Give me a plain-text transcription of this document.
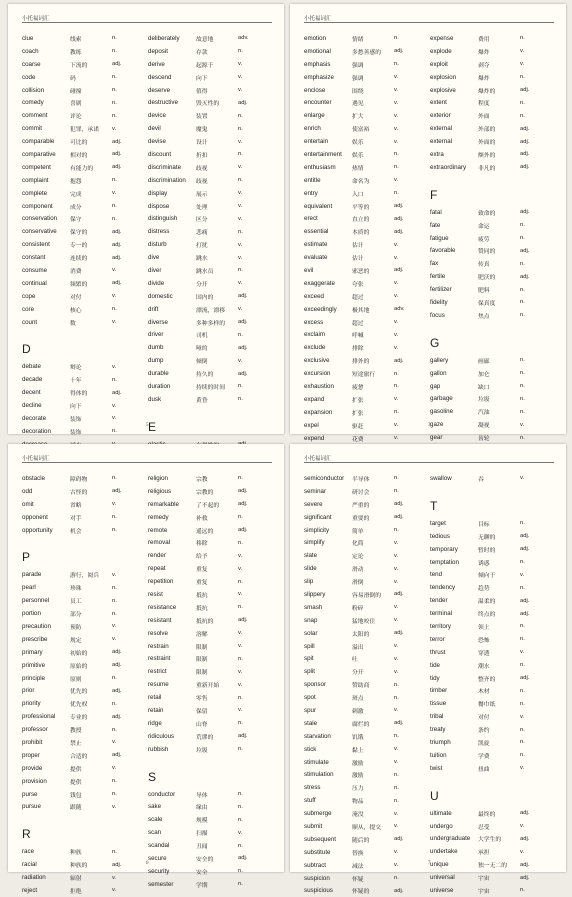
小托福词汇
clue	线索	n.
coach	教练	n.
coarse	下流的	adj.
code	码	n.
collision	碰撞	n.
comedy	喜剧	n.
comment	评论	n.
commit	犯罪，承诺	v.
comparable	可比的	adj.
comparative	相对的	adj.
competent	有能力的	adj.
complaint	抱怨	n.
complete	完成	v.
component	成分	n.
conservation	保守	n.
conservative	保守的	adj.
consistent	专一的	adj.
constant	连续的	adj.
consume	消费	v.
continual	频繁的	adj.
cope	对付	v.
core	核心	n.
count	数	v.
D
debate	辩论	v.
decade	十年	n.
decent	得体的	adj.
decline	向下	v.
decorate	装饰	v.
decoration	装饰	n.
deliberately	故意地	adv.
deposit	存款	n.
derive	起源于	v.
descend	向下	v.
deserve	值得	v.
destructive	毁灭性的	adj.
device	装置	n.
devil	魔鬼	n.
devise	设计	v.
discount	折扣	n.
discriminate	歧视	v.
discrimination	歧视	n.
display	展示	v.
dispose	处理	v.
distinguish	区分	v.
distress	悲痛	n.
disturb	打扰	v.
dive	跳水	v.
diver	跳水员	n.
divide	分开	v.
domestic	国内的	adj.
drift	漂流，漂移	v.
diverse	多种多样的	adj.
driver	司机	n.
dumb	哑的	adj.
dump	倾倒	v.
durable	持久的	adj.
duration	持续的时间	n.
dusk	黄昏	n.
E
5
小托福词汇
emotion	情绪	n.
emotional	多愁善感的	adj.
emphasis	强调	n.
emphasize	强调	v.
enclose	围绕	v.
encounter	遇见	v.
enlarge	扩大	v.
enrich	使富裕	v.
entertain	娱乐	v.
entertainment	娱乐	n.
enthusiasm	热情	n.
entitle	命名为	v.
entry	入口	n.
equivalent	平等的	adj.
erect	直立的	adj.
essential	本质的	adj.
estimate	估计	v.
evaluate	估计	v.
evil	邪恶的	adj.
exaggerate	夸张	v.
exceed	超过	v.
exceedingly	极其地	adv.
excess	超过	v.
exclaim	呼喊	v.
exclude	排除	v.
exclusive	排外的	adj.
excursion	短途旅行	n.
exhaustion	疲惫	n.
expand	扩张	v.
expansion	扩张	n.
expel	驱赶	v.
expend	花费	v.
expense	费用	n.
explode	爆炸	v.
exploit	剥夺	v.
explosion	爆炸	n.
explosive	爆炸的	adj.
extent	程度	n.
exterior	外面	n.
external	外部的	adj.
external	外面的	adj.
extra	额外的	adj.
extraordinary	非凡的	adj.
F
fatal	致命的	adj.
fate	命运	n.
fatigue	疲劳	n.
favorable	赞同的	adj.
fax	传真	n.
fertile	肥沃的	adj.
fertilizer	肥料	n.
fidelity	保真度	n.
focus	焦点	n.
G
gallery	画廊	n.
gallon	加仑	n.
gap	缺口	n.
garbage	垃圾	n.
gasoline	汽油	n.
gaze	凝视	v.
gear	齿轮	n.
3
小托福词汇
obstacle	障碍物	n.
odd	古怪的	adj.
omit	省略	v.
opponent	对手	n.
opportunity	机会	n.
P
parade	游行，阅兵	v.
pearl	珍珠	n.
personnel	员工	n.
portion	部分	n.
precaution	预防	v.
prescribe	规定	v.
primary	初始的	adj.
primitive	原始的	adj.
principle	原则	n.
prior	优先的	adj.
priority	优先权	n.
professional	专业的	adj.
professor	教授	n.
prohibit	禁止	v.
proper	合适的	adj.
provide	提供	v.
provision	提供	n.
purse	钱包	n.
pursue	跟随	v.
R
race	种族	n.
racial	种族的	adj.
radiation	辐射	v.
reject	拒绝	v.
religion	宗教	n.
religious	宗教的	adj.
remarkable	了不起的	adj.
remedy	补救	n.
remote	遥远的	adj.
removal	移除	n.
render	给予	v.
repeat	重复	v.
repetition	重复	n.
resist	抵抗	v.
resistance	抵抗	n.
resistant	抵抗的	adj.
resolve	溶解	v.
restrain	限制	v.
restraint	限制	n.
restrict	限制	v.
resume	重新开始	v.
retail	零售	n.
retain	保留	v.
ridge	山脊	n.
ridiculous	荒谬的	adj.
rubbish	垃圾	n.
S
conductor	导体	n.
sake	缘由	n.
scale	规模	n.
scan	扫描	v.
scandal	丑闻	n.
secure	安全的	adj.
security	安全	n.
semester	学期	n.
6
小托福词汇
semiconductor	半导体	n.
seminar	研讨会	n.
severe	严重的	adj.
significant	重要的	adj.
simplicity	简单	n.
simplify	化简	v.
slate	定论	v.
slide	滑动	v.
slip	滑倒	v.
slippery	容易滑倒的	adj.
smash	粉碎	v.
snap	猛地咬住	v.
solar	太阳的	adj.
spill	溢出	v.
spit	吐	v.
split	分开	v.
sponsor	赞助商	n.
spot	斑点	n.
spur	刺激	v.
stale	腐烂的	adj.
starvation	饥饿	n.
stick	黏上	v.
stimulate	激励	v.
stimulation	激励	n.
stress	压力	n.
stuff	物品	n.
submerge	淹没	v.
submit	顺从，提交	v.
subsequent	随后的	adj.
substitute	替换	v.
subtract	减法	v.
suspicion	怀疑	n.
suspicious	怀疑的	adj.
swallow	吞	v.
T
target	目标	n.
tedious	无聊的	adj.
temporary	暂时的	adj.
temptation	诱惑	n.
tend	倾向于	v.
tendency	趋势	n.
tender	温柔的	adj.
terminal	终点的	adj.
territory	领土	n.
terror	恐怖	n.
thrust	穿透	v.
tide	潮水	n.
tidy	整齐的	adj.
timber	木材	n.
tissue	餐巾纸	n.
tribal	对付	v.
treaty	条约	n.
triumph	凯旋	n.
tuition	学费	n.
twist	扭曲	v.
U
ultimate	最终的	adj.
undergo	忍受	v.
undergraduate	大学生的	adj.
undertake	承担	v.
unique	独一无二的	adj.
universal	宇宙	adj.
universe	宇宙	n.
7
